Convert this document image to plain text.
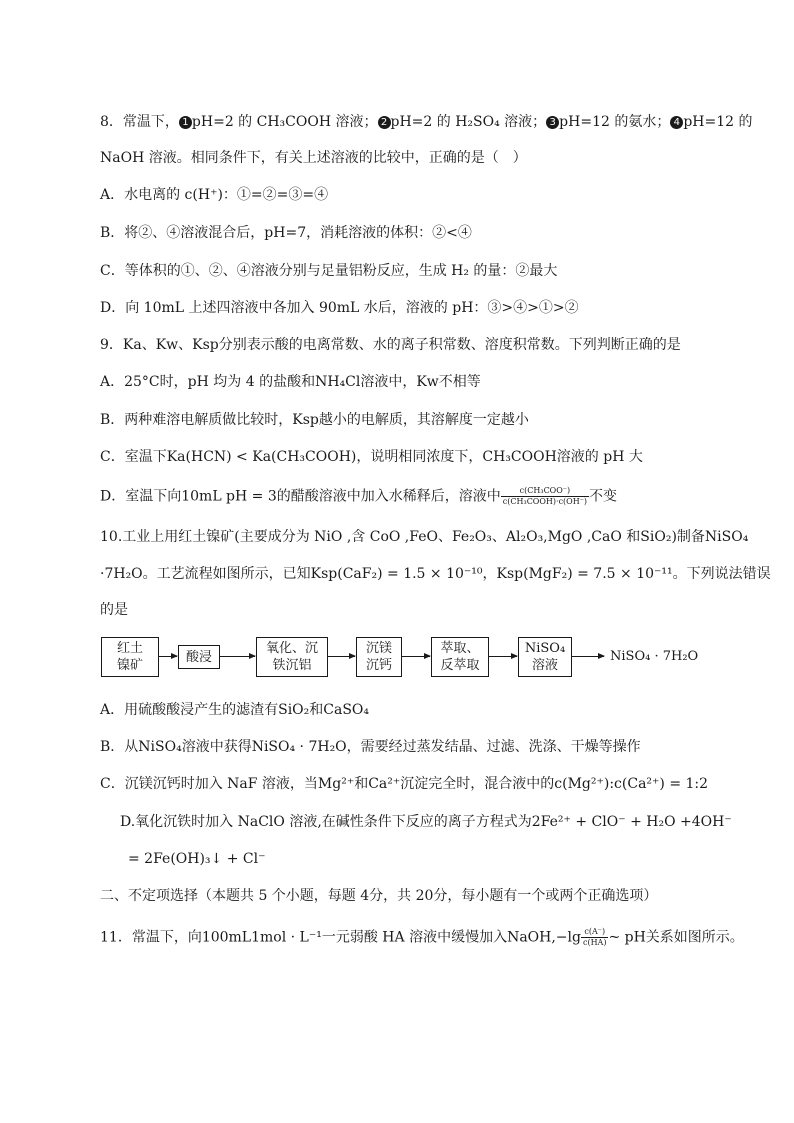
8．常温下， 1 pH=2 的 CH₃COOH 溶液； 2 pH=2 的 H₂SO₄ 溶液； 3 pH=12 的氨水； 4 pH=12 的
NaOH 溶液。相同条件下，有关上述溶液的比较中，正确的是（　）
A．水电离的 c(H⁺)：①=②=③=④
B．将②、④溶液混合后，pH=7，消耗溶液的体积：②<④
C．等体积的①、②、④溶液分别与足量铝粉反应，生成 H₂ 的量：②最大
D．向 10mL 上述四溶液中各加入 90mL 水后，溶液的 pH：③>④>①>②
9．Ka、Kw、Ksp分别表示酸的电离常数、水的离子积常数、溶度积常数。下列判断正确的是
A．25°C时，pH 均为 4 的盐酸和NH₄Cl溶液中，Kw不相等
B．两种难溶电解质做比较时，Ksp越小的电解质，其溶解度一定越小
C．室温下Ka(HCN) < Ka(CH₃COOH)，说明相同浓度下，CH₃COOH溶液的 pH 大
D．室温下向10mL pH = 3的醋酸溶液中加入水稀释后，溶液中 $\frac{\text{c(CH₃COO⁻)}}{\text{c(CH₃COOH)·c(OH⁻)}}$ 不变
10.工业上用红土镍矿(主要成分为 NiO ,含 CoO ,FeO、Fe₂O₃、Al₂O₃,MgO ,CaO 和SiO₂)制备NiSO₄
·7H₂O。工艺流程如图所示，已知Ksp(CaF₂) = 1.5 × 10⁻¹⁰，Ksp(MgF₂) = 7.5 × 10⁻¹¹。下列说法错误
的是
红土
镍矿
酸浸
氧化、沉
铁沉铝
沉镁
沉钙
萃取、
反萃取
NiSO₄
溶液
NiSO₄ · 7H₂O
A．用硫酸酸浸产生的滤渣有SiO₂和CaSO₄
B．从NiSO₄溶液中获得NiSO₄ · 7H₂O，需要经过蒸发结晶、过滤、洗涤、干燥等操作
C．沉镁沉钙时加入 NaF 溶液，当Mg²⁺和Ca²⁺沉淀完全时，混合液中的c(Mg²⁺):c(Ca²⁺) = 1:2
D.氧化沉铁时加入 NaClO 溶液,在碱性条件下反应的离子方程式为2Fe²⁺ + ClO⁻ + H₂O +4OH⁻
= 2Fe(OH)₃↓ + Cl⁻
二、不定项选择（本题共 5 个小题，每题 4分，共 20分，每小题有一个或两个正确选项）
11．常温下，向100mL1mol · L⁻¹一元弱酸 HA 溶液中缓慢加入NaOH,−lg $\frac{c(A^-)}{c(HA)}$ ~ pH关系如图所示。
